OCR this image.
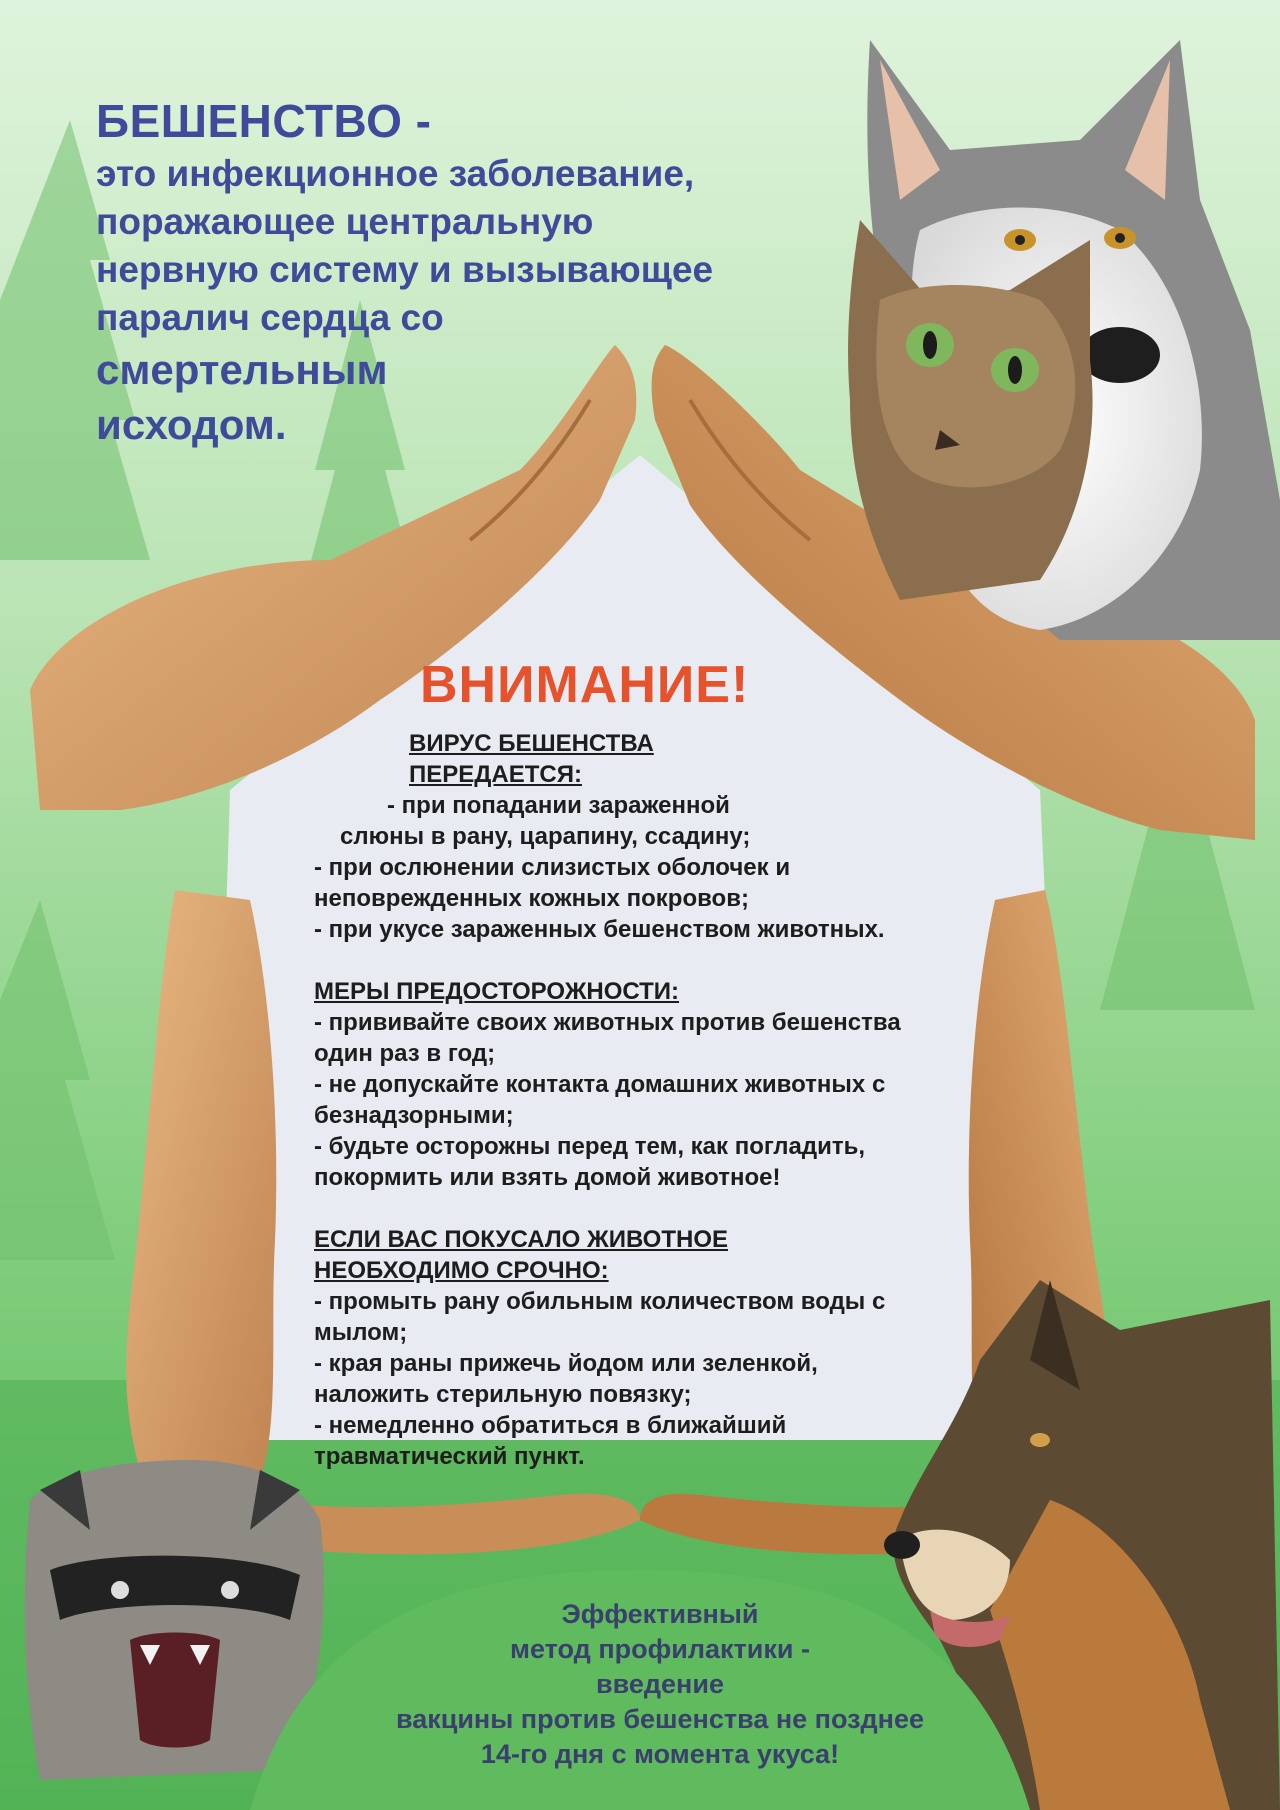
БЕШЕНСТВО -
это инфекционное заболевание,
поражающее центральную
нервную систему и вызывающее
паралич сердца со
смертельным
исходом.
ВНИМАНИЕ!
ВИРУС БЕШЕНСТВА
ПЕРЕДАЕТСЯ:
- при попадании зараженной
слюны в рану, царапину, ссадину;
- при ослюнении слизистых оболочек и
неповрежденных кожных покровов;
- при укусе зараженных бешенством животных.
МЕРЫ ПРЕДОСТОРОЖНОСТИ:
- прививайте своих животных против бешенства
один раз в год;
- не допускайте контакта домашних животных с
безнадзорными;
- будьте осторожны перед тем, как погладить,
покормить или взять домой животное!
ЕСЛИ ВАС ПОКУСАЛО ЖИВОТНОЕ
НЕОБХОДИМО СРОЧНО:
- промыть рану обильным количеством воды с
мылом;
- края раны прижечь йодом или зеленкой,
наложить стерильную повязку;
- немедленно обратиться в ближайший
травматический пункт.
Эффективный
метод профилактики -
введение
вакцины против бешенства не позднее
14-го дня с момента укуса!
